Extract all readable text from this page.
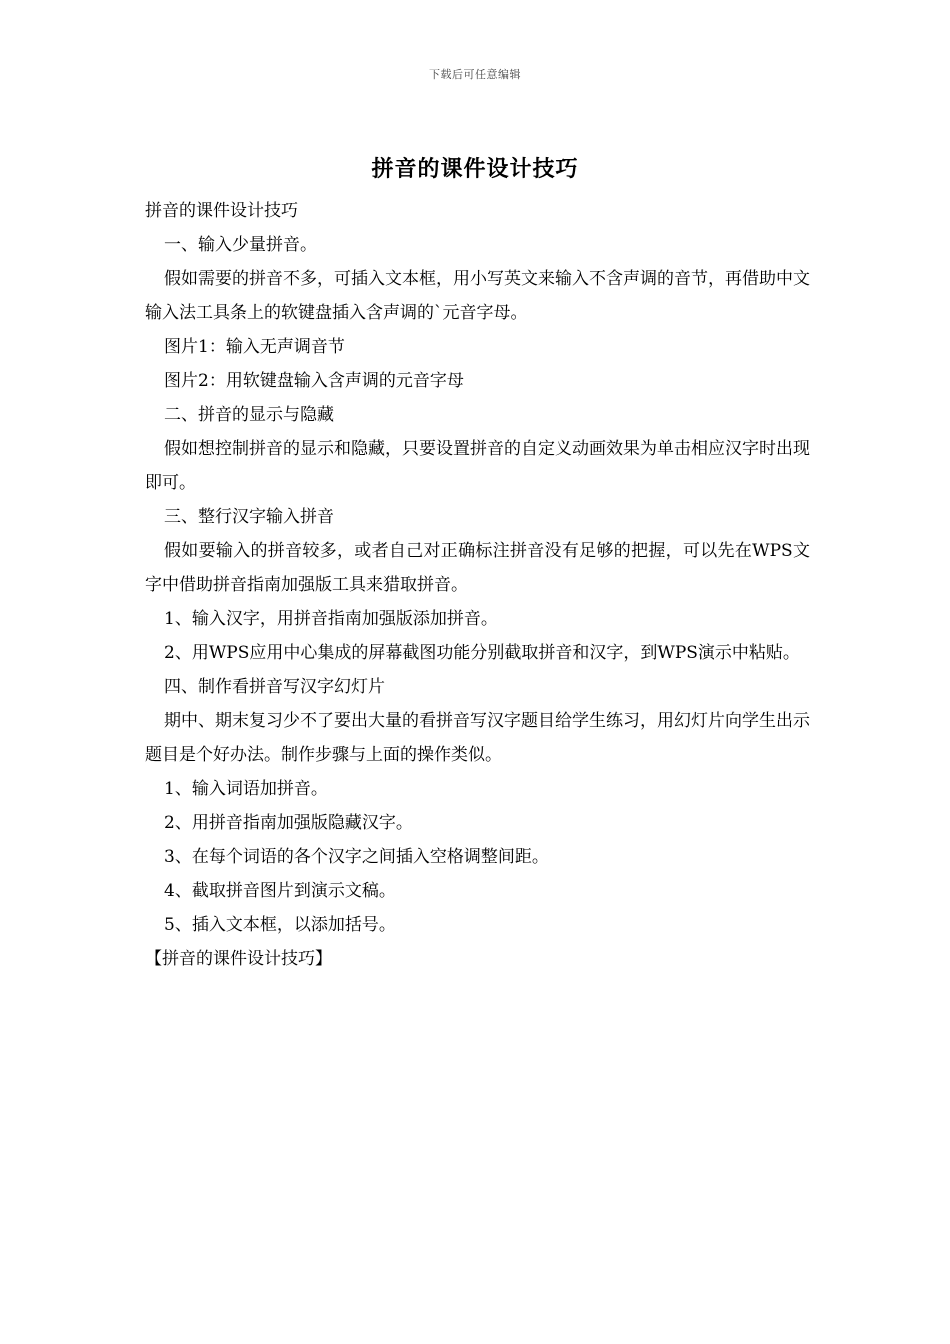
下载后可任意编辑
拼音的课件设计技巧

拼音的课件设计技巧

一、输入少量拼音。

假如需要的拼音不多，可插入文本框，用小写英文来输入不含声调的音节，再借助中文输入法工具条上的软键盘插入含声调的`元音字母。

图片1：输入无声调音节

图片2：用软键盘输入含声调的元音字母

二、拼音的显示与隐藏

假如想控制拼音的显示和隐藏，只要设置拼音的自定义动画效果为单击相应汉字时出现即可。

三、整行汉字输入拼音

假如要输入的拼音较多，或者自己对正确标注拼音没有足够的把握，可以先在WPS文字中借助拼音指南加强版工具来猎取拼音。

1、输入汉字，用拼音指南加强版添加拼音。

2、用WPS应用中心集成的屏幕截图功能分别截取拼音和汉字，到WPS演示中粘贴。

四、制作看拼音写汉字幻灯片

期中、期末复习少不了要出大量的看拼音写汉字题目给学生练习，用幻灯片向学生出示题目是个好办法。制作步骤与上面的操作类似。

1、输入词语加拼音。

2、用拼音指南加强版隐藏汉字。

3、在每个词语的各个汉字之间插入空格调整间距。

4、截取拼音图片到演示文稿。

5、插入文本框，以添加括号。

【拼音的课件设计技巧】
